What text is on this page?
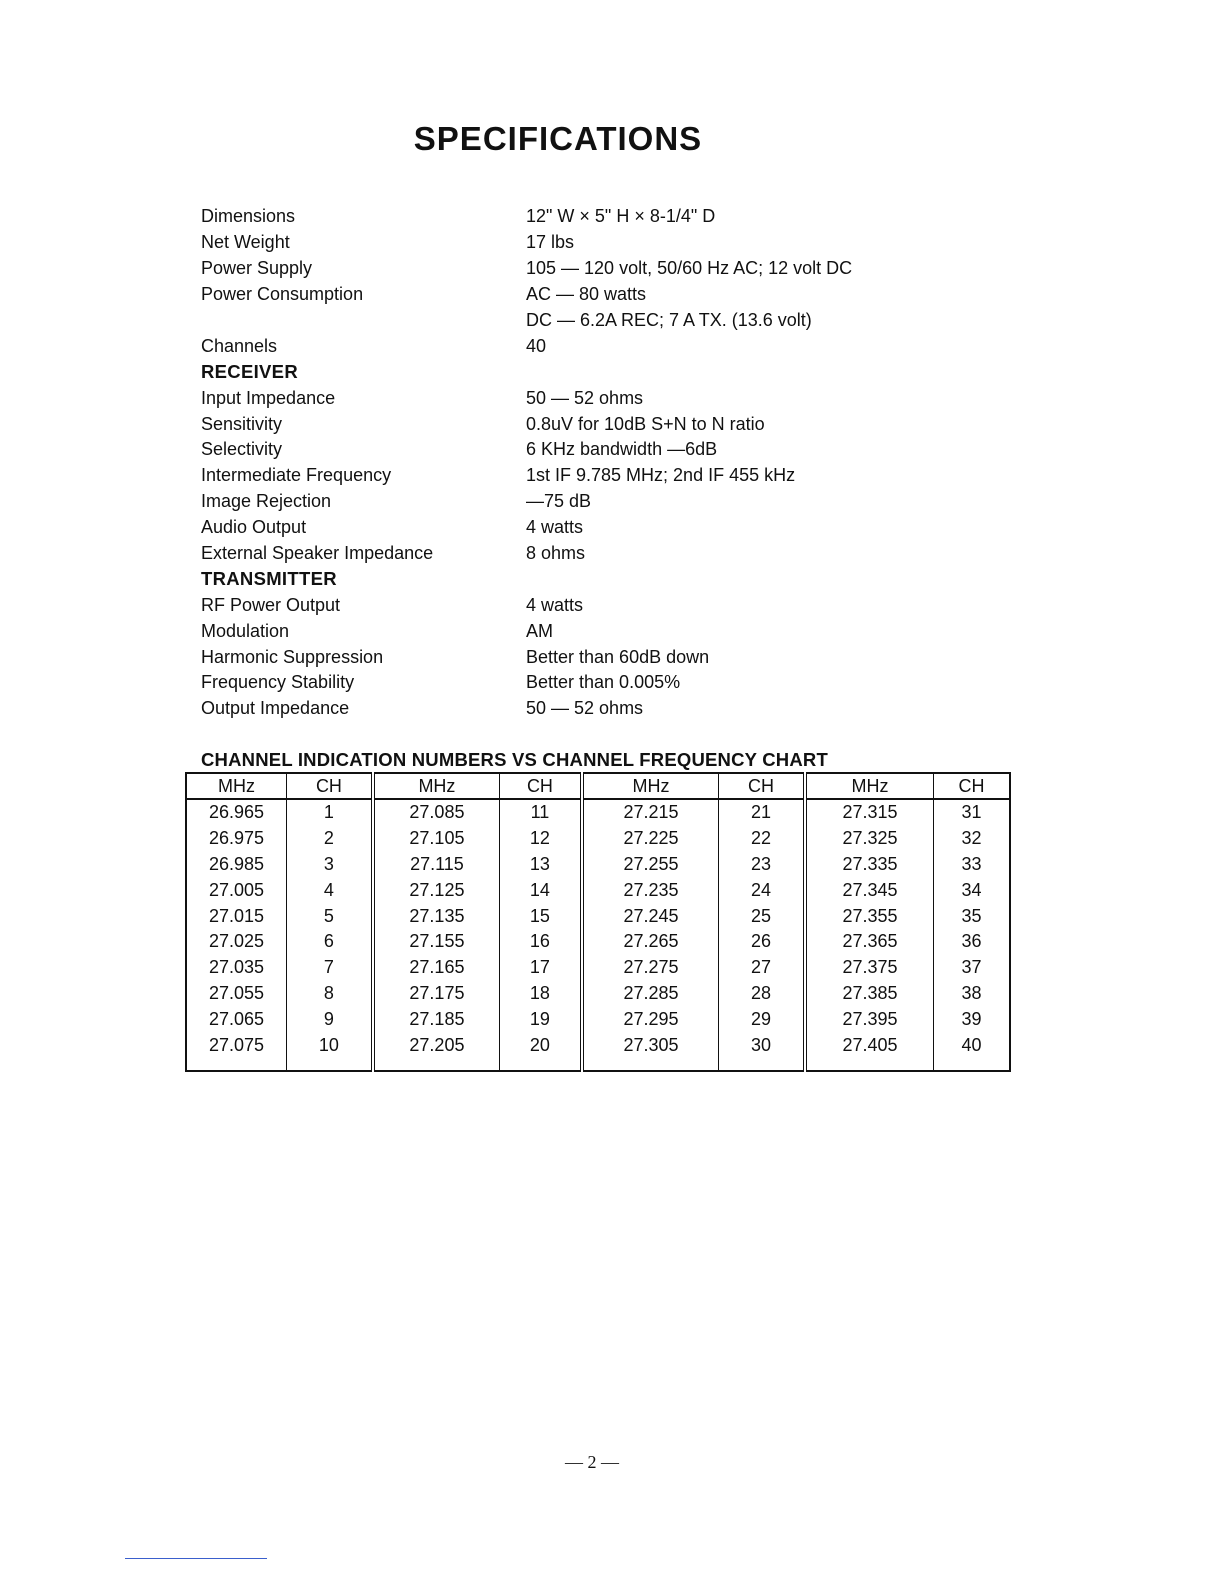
SPECIFICATIONS
Dimensions	12" W × 5" H × 8-1/4" D
Net Weight	17 lbs
Power Supply	105 — 120 volt, 50/60 Hz AC; 12 volt DC
Power Consumption	AC — 80 watts
DC — 6.2A REC; 7 A TX. (13.6 volt)
Channels	40
RECEIVER
Input Impedance	50 — 52 ohms
Sensitivity	0.8uV for 10dB S+N to N ratio
Selectivity	6 KHz bandwidth —6dB
Intermediate Frequency	1st IF 9.785 MHz; 2nd IF 455 kHz
Image Rejection	—75 dB
Audio Output	4 watts
External Speaker Impedance	8 ohms
TRANSMITTER
RF Power Output	4 watts
Modulation	AM
Harmonic Suppression	Better than 60dB down
Frequency Stability	Better than 0.005%
Output Impedance	50 — 52 ohms
CHANNEL INDICATION NUMBERS VS CHANNEL FREQUENCY CHART
MHz	CH	MHz	CH	MHz	CH	MHz	CH
26.965	1	27.085	11	27.215	21	27.315	31
26.975	2	27.105	12	27.225	22	27.325	32
26.985	3	27.115	13	27.255	23	27.335	33
27.005	4	27.125	14	27.235	24	27.345	34
27.015	5	27.135	15	27.245	25	27.355	35
27.025	6	27.155	16	27.265	26	27.365	36
27.035	7	27.165	17	27.275	27	27.375	37
27.055	8	27.175	18	27.285	28	27.385	38
27.065	9	27.185	19	27.295	29	27.395	39
27.075	10	27.205	20	27.305	30	27.405	40
— 2 —
